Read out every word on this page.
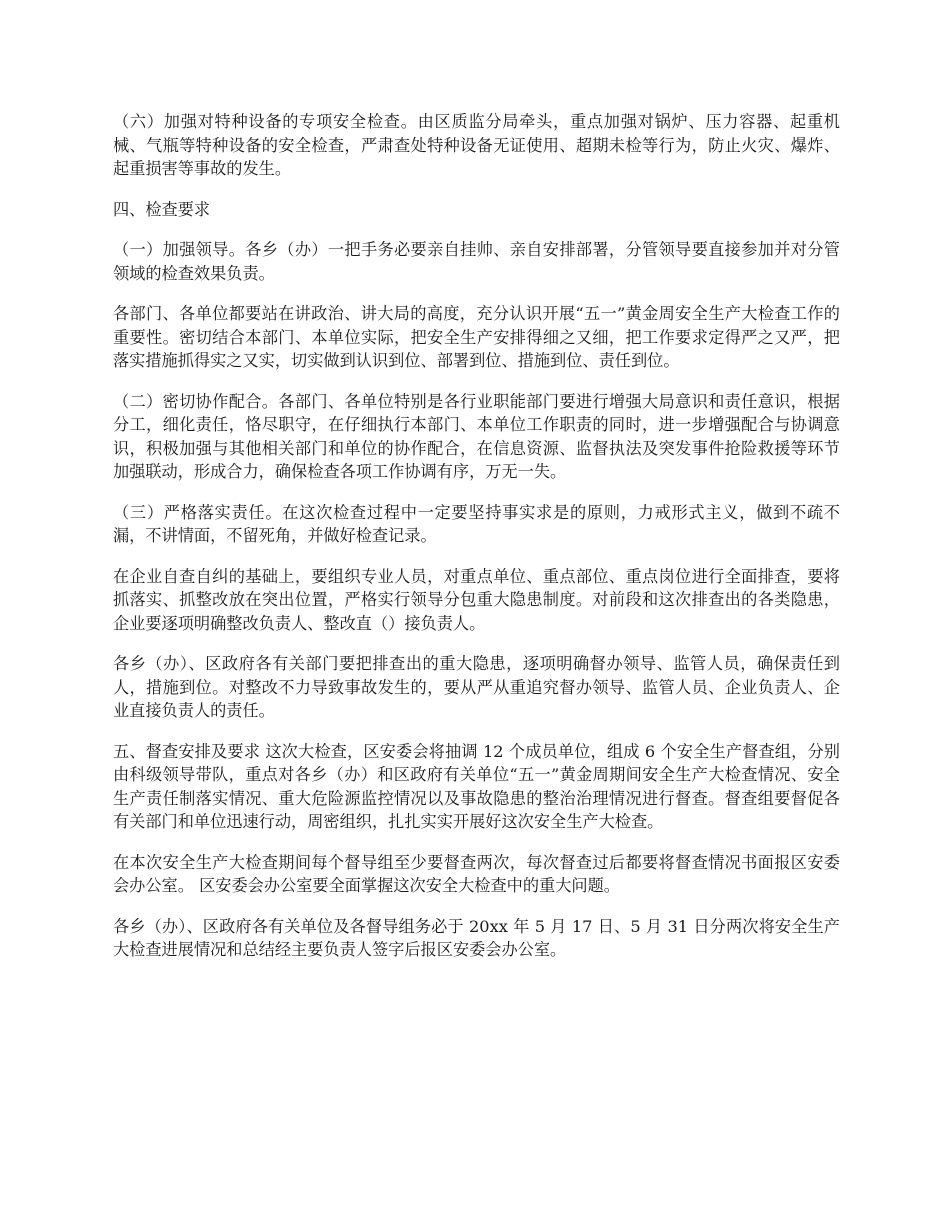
（六）加强对特种设备的专项安全检查。由区质监分局牵头，重点加强对锅炉、压力容器、起重机械、气瓶等特种设备的安全检查，严肃查处特种设备无证使用、超期未检等行为，防止火灾、爆炸、起重损害等事故的发生。

四、检查要求

（一）加强领导。各乡（办）一把手务必要亲自挂帅、亲自安排部署，分管领导要直接参加并对分管领域的检查效果负责。

各部门、各单位都要站在讲政治、讲大局的高度，充分认识开展“五一”黄金周安全生产大检查工作的重要性。密切结合本部门、本单位实际，把安全生产安排得细之又细，把工作要求定得严之又严，把落实措施抓得实之又实，切实做到认识到位、部署到位、措施到位、责任到位。

（二）密切协作配合。各部门、各单位特别是各行业职能部门要进行增强大局意识和责任意识，根据分工，细化责任，恪尽职守，在仔细执行本部门、本单位工作职责的同时，进一步增强配合与协调意识，积极加强与其他相关部门和单位的协作配合，在信息资源、监督执法及突发事件抢险救援等环节加强联动，形成合力，确保检查各项工作协调有序，万无一失。

（三）严格落实责任。在这次检查过程中一定要坚持事实求是的原则，力戒形式主义，做到不疏不漏，不讲情面，不留死角，并做好检查记录。

在企业自查自纠的基础上，要组织专业人员，对重点单位、重点部位、重点岗位进行全面排查，要将抓落实、抓整改放在突出位置，严格实行领导分包重大隐患制度。对前段和这次排查出的各类隐患，企业要逐项明确整改负责人、整改直（）接负责人。

各乡（办）、区政府各有关部门要把排查出的重大隐患，逐项明确督办领导、监管人员，确保责任到人，措施到位。对整改不力导致事故发生的，要从严从重追究督办领导、监管人员、企业负责人、企业直接负责人的责任。

五、督查安排及要求 这次大检查，区安委会将抽调 12 个成员单位，组成 6 个安全生产督查组，分别由科级领导带队，重点对各乡（办）和区政府有关单位“五一”黄金周期间安全生产大检查情况、安全生产责任制落实情况、重大危险源监控情况以及事故隐患的整治治理情况进行督查。督查组要督促各有关部门和单位迅速行动，周密组织，扎扎实实开展好这次安全生产大检查。

在本次安全生产大检查期间每个督导组至少要督查两次，每次督查过后都要将督查情况书面报区安委会办公室。 区安委会办公室要全面掌握这次安全大检查中的重大问题。

各乡（办）、区政府各有关单位及各督导组务必于 20xx 年 5 月 17 日、5 月 31 日分两次将安全生产大检查进展情况和总结经主要负责人签字后报区安委会办公室。
